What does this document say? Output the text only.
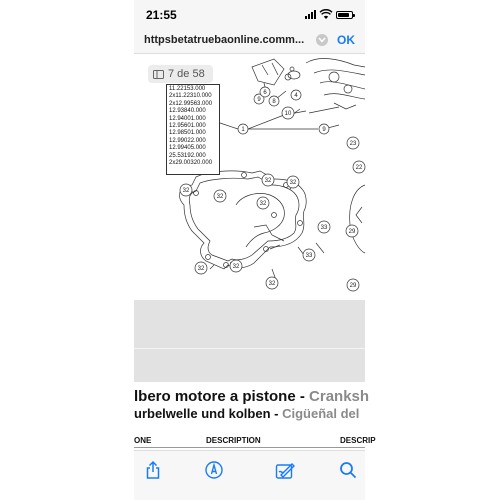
21:55
httpsbetatruebaonline.comm...	OK
9 8
6	4
10
1	9
23
22
32
32	32
32
32
32
32
32
33
33
29
29
7 de 58
11.22153.000
2x11.22310.000
2x12.99563.000
12.93840.000
12.94001.000
12.95601.000
12.98501.000
12.99022.000
12.99405.000
25.53192.000
2x29.00320.000
lbero motore a pistone - Cranksh
urbelwelle und kolben - Cigüeñal del
ONE	DESCRIPTION	DESCRIP
